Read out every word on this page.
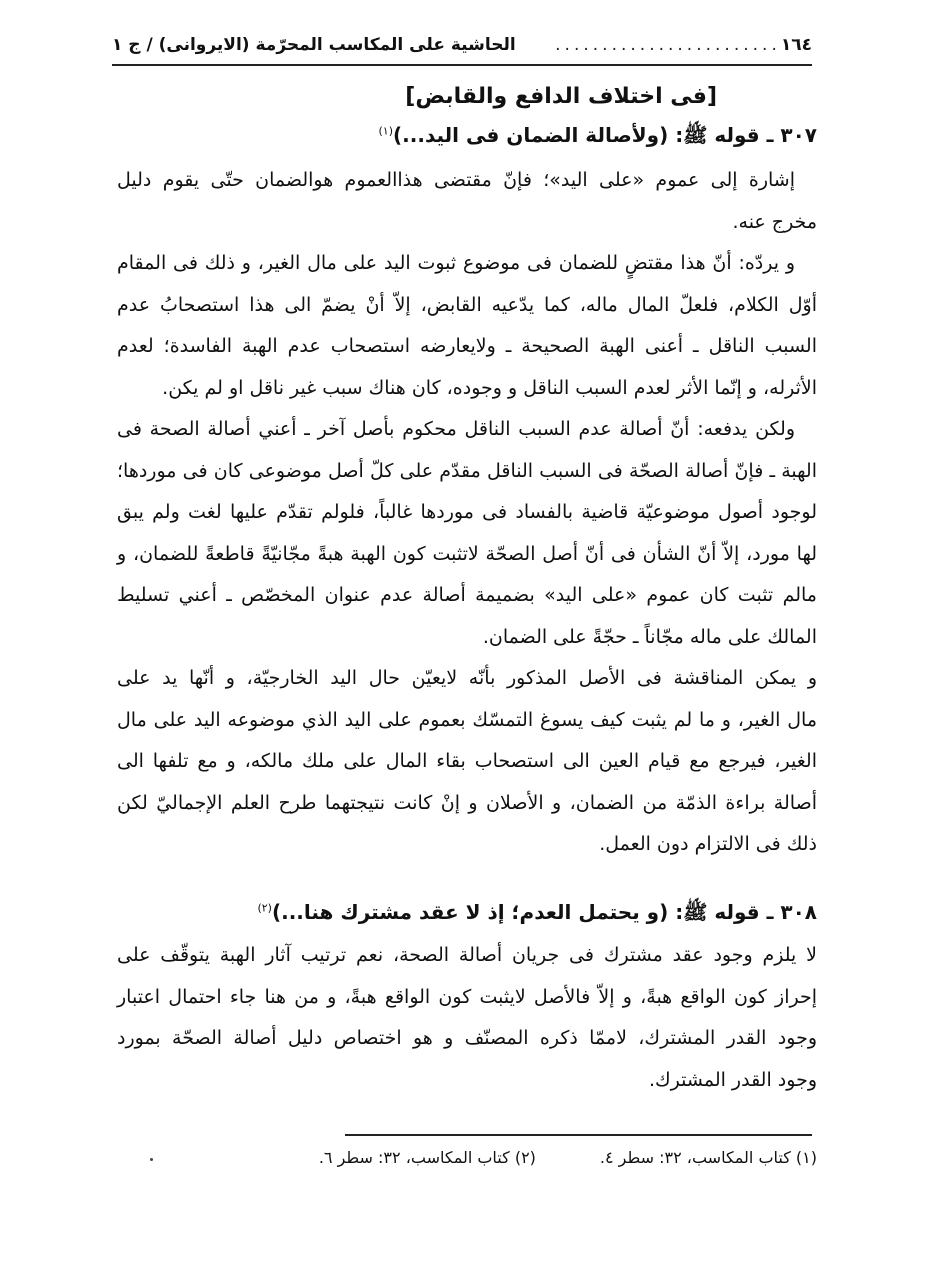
١٦٤
........................
الحاشية على المكاسب المحرّمة (الايروانى) / ج ١
[فى اختلاف الدافع والقابض]
٣٠٧ ـ قوله ﷺ: (ولأصالة الضمان فى اليد...)$^{(١)}$
إشارة إلى عموم «على اليد»؛ فإنّ مقتضى هذاالعموم هوالضمان حتّى يقوم دليل
مخرج عنه.
و يردّه: أنّ هذا مقتضٍ للضمان فى موضوع ثبوت اليد على مال الغير، و ذلك فى المقام
أوّل الكلام، فلعلّ المال ماله، كما يدّعيه القابض، إلاّ أنْ يضمّ الى هذا استصحابُ عدم
السبب الناقل ـ أعنى الهبة الصحيحة ـ ولايعارضه استصحاب عدم الهبة الفاسدة؛ لعدم
الأثرله، و إنّما الأثر لعدم السبب الناقل و وجوده، كان هناك سبب غير ناقل او لم يكن.
ولكن يدفعه: أنّ أصالة عدم السبب الناقل محكوم بأصل آخر ـ أعني أصالة الصحة فى
الهبة ـ فإنّ أصالة الصحّة فى السبب الناقل مقدّم على كلّ أصل موضوعى كان فى موردها؛
لوجود أصول موضوعيّة قاضية بالفساد فى موردها غالباً، فلولم تقدّم عليها لغت ولم يبق
لها مورد، إلاّ أنّ الشأن فى أنّ أصل الصحّة لاتثبت كون الهبة هبةً مجّانيّةً قاطعةً للضمان، و
مالم تثبت كان عموم «على اليد» بضميمة أصالة عدم عنوان المخصّص ـ أعني تسليط
المالك على ماله مجّاناً ـ حجّةً على الضمان.
و يمكن المناقشة فى الأصل المذكور بأنّه لايعيّن حال اليد الخارجيّة، و أنّها يد على
مال الغير، و ما لم يثبت كيف يسوغ التمسّك بعموم على اليد الذي موضوعه اليد على مال
الغير، فيرجع مع قيام العين الى استصحاب بقاء المال على ملك مالكه، و مع تلفها الى
أصالة براءة الذمّة من الضمان، و الأصلان و إنْ كانت نتيجتهما طرح العلم الإجماليّ لكن
ذلك فى الالتزام دون العمل.
٣٠٨ ـ قوله ﷺ: (و يحتمل العدم؛ إذ لا عقد مشترك هنا...)$^{(٢)}$
لا يلزم وجود عقد مشترك فى جريان أصالة الصحة، نعم ترتيب آثار الهبة يتوقّف على
إحراز كون الواقع هبةً، و إلاّ فالأصل لايثبت كون الواقع هبةً، و من هنا جاء احتمال اعتبار
وجود القدر المشترك، لاممّا ذكره المصنّف و هو اختصاص دليل أصالة الصحّة بمورد
وجود القدر المشترك.
(١) كتاب المكاسب، ٣٢: سطر ٤.
(٢) كتاب المكاسب، ٣٢: سطر ٦.
